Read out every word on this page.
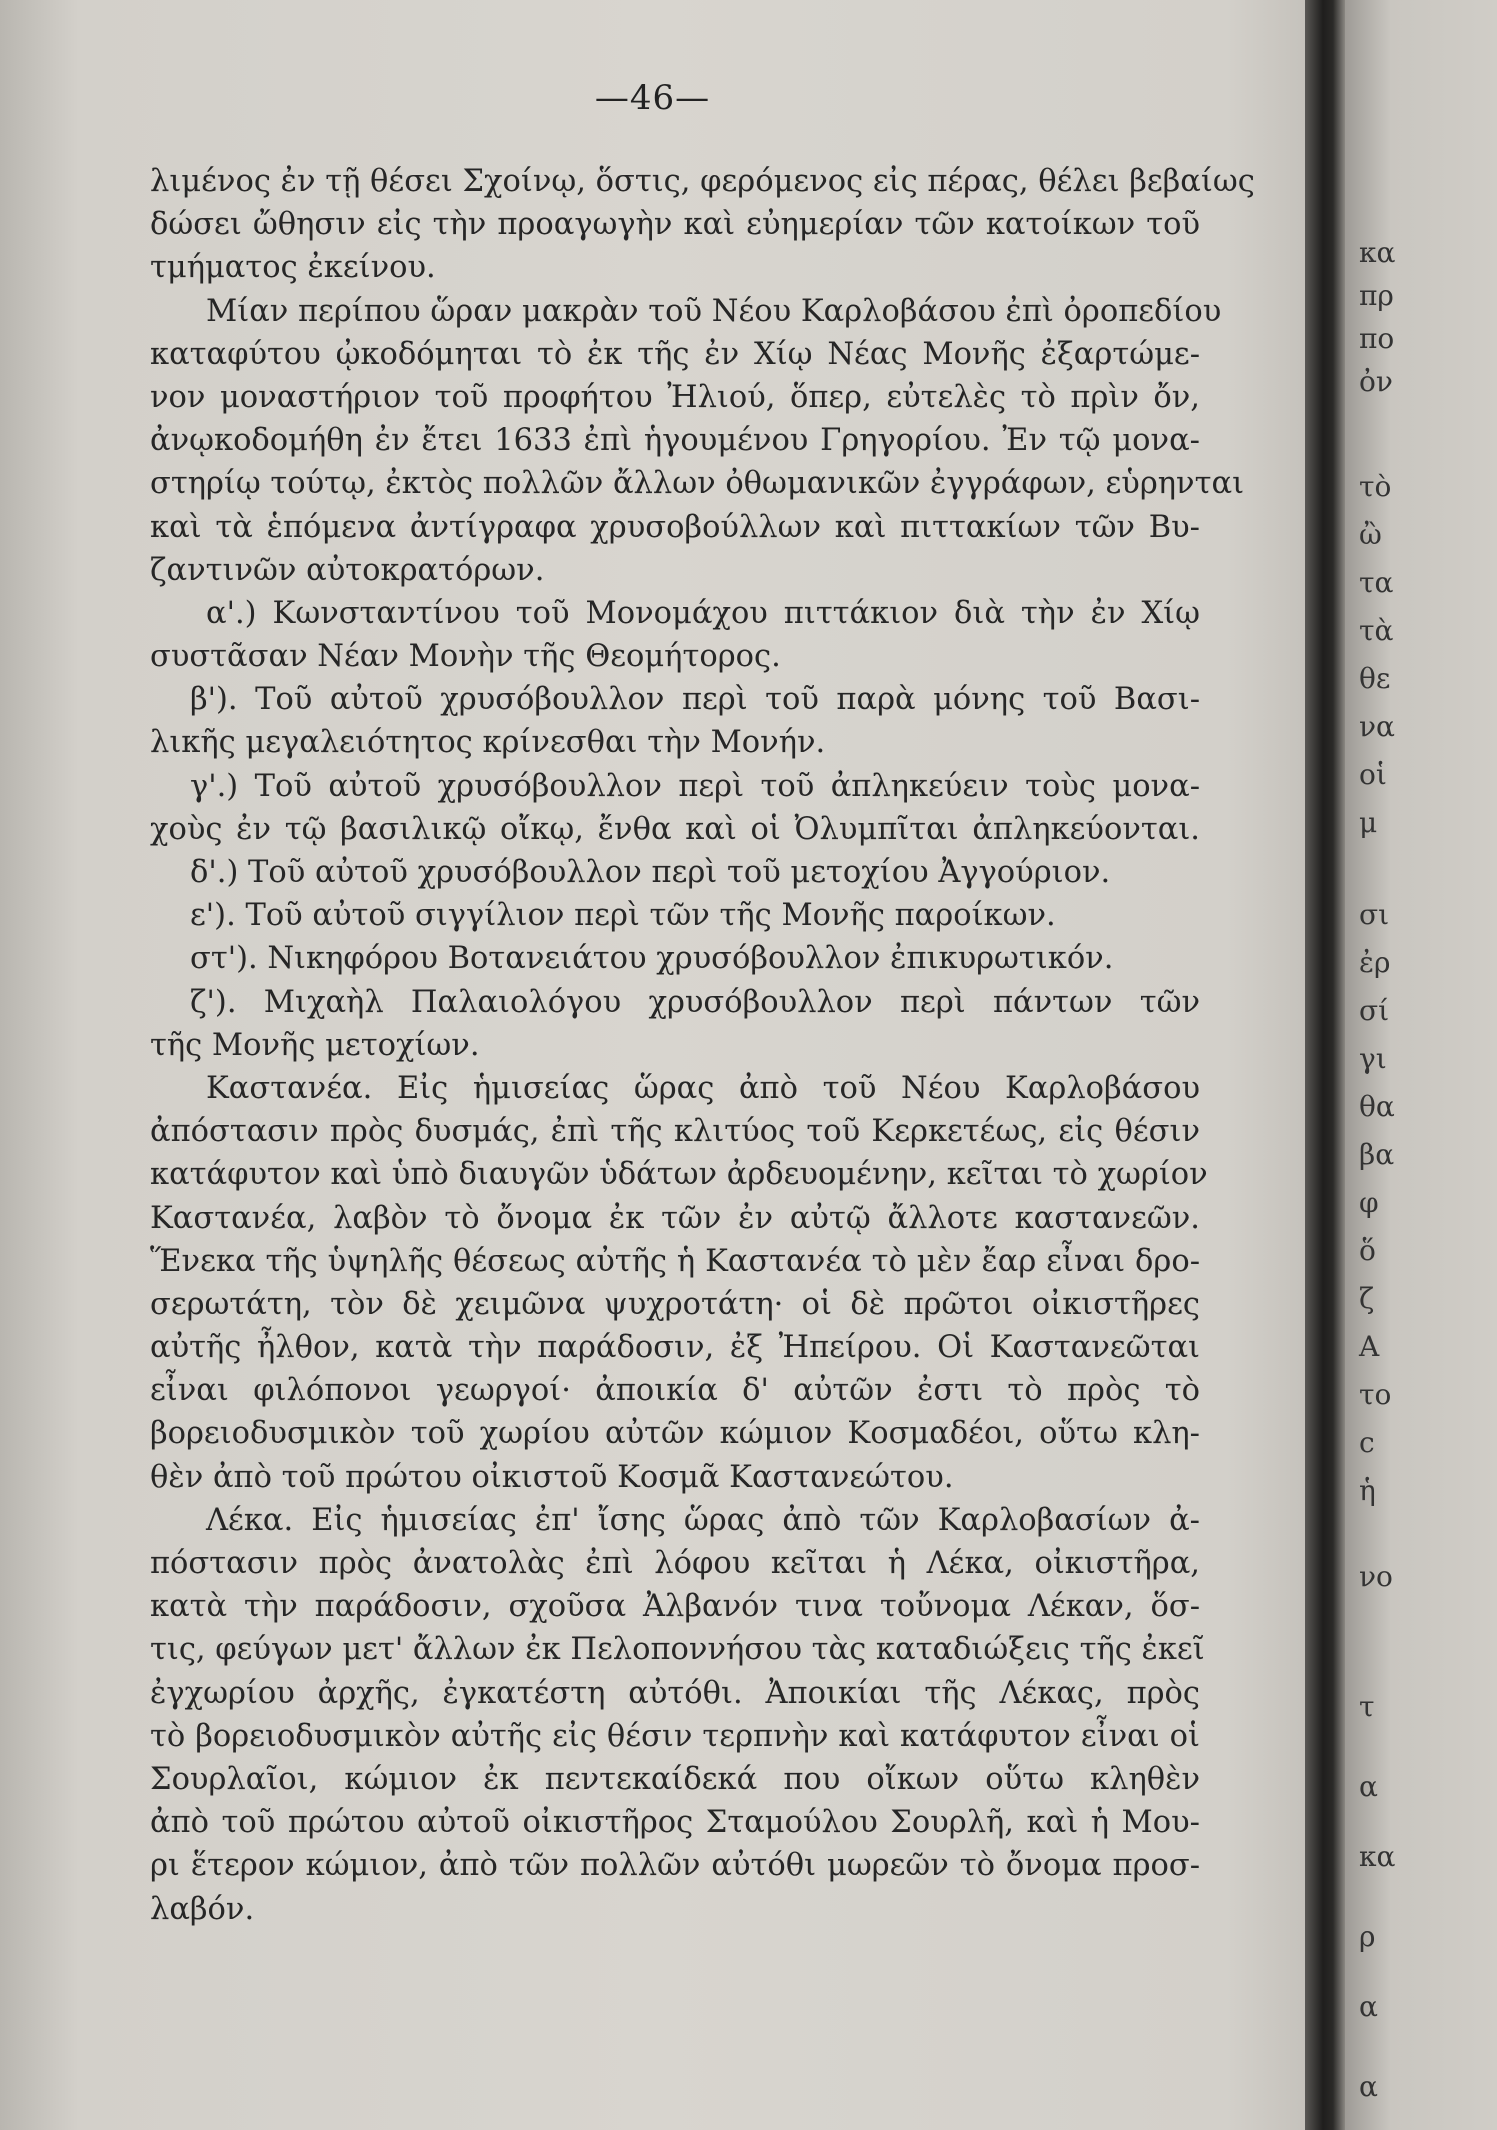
—46—
λιμένος ἐν τῇ θέσει Σχοίνῳ, ὅστις, φερόμενος εἰς πέρας, θέλει βεβαίως
δώσει ὤθησιν εἰς τὴν προαγωγὴν καὶ εὐημερίαν τῶν κατοίκων τοῦ
τμήματος ἐκείνου.
Μίαν περίπου ὥραν μακρὰν τοῦ Νέου Καρλοβάσου ἐπὶ ὀροπεδίου
καταφύτου ᾠκοδόμηται τὸ ἐκ τῆς ἐν Χίῳ Νέας Μονῆς ἐξαρτώμε-
νον μοναστήριον τοῦ προφήτου Ἠλιού, ὅπερ, εὐτελὲς τὸ πρὶν ὄν,
ἀνῳκοδομήθη ἐν ἔτει 1633 ἐπὶ ἡγουμένου Γρηγορίου. Ἐν τῷ μονα-
στηρίῳ τούτῳ, ἐκτὸς πολλῶν ἄλλων ὀθωμανικῶν ἐγγράφων, εὑρηνται
καὶ τὰ ἑπόμενα ἀντίγραφα χρυσοβούλλων καὶ πιττακίων τῶν Βυ-
ζαντινῶν αὐτοκρατόρων.
α'.) Κωνσταντίνου τοῦ Μονομάχου πιττάκιον διὰ τὴν ἐν Χίῳ
συστᾶσαν Νέαν Μονὴν τῆς Θεομήτορος.
β'). Τοῦ αὐτοῦ χρυσόβουλλον περὶ τοῦ παρὰ μόνης τοῦ Βασι-
λικῆς μεγαλειότητος κρίνεσθαι τὴν Μονήν.
γ'.) Τοῦ αὐτοῦ χρυσόβουλλον περὶ τοῦ ἀπληκεύειν τοὺς μονα-
χοὺς ἐν τῷ βασιλικῷ οἴκῳ, ἔνθα καὶ οἱ Ὀλυμπῖται ἀπληκεύονται.
δ'.) Τοῦ αὐτοῦ χρυσόβουλλον περὶ τοῦ μετοχίου Ἀγγούριον.
ε'). Τοῦ αὐτοῦ σιγγίλιον περὶ τῶν τῆς Μονῆς παροίκων.
στ'). Νικηφόρου Βοτανειάτου χρυσόβουλλον ἐπικυρωτικόν.
ζ'). Μιχαὴλ Παλαιολόγου χρυσόβουλλον περὶ πάντων τῶν
τῆς Μονῆς μετοχίων.
Καστανέα. Εἰς ἡμισείας ὥρας ἀπὸ τοῦ Νέου Καρλοβάσου
ἀπόστασιν πρὸς δυσμάς, ἐπὶ τῆς κλιτύος τοῦ Κερκετέως, εἰς θέσιν
κατάφυτον καὶ ὑπὸ διαυγῶν ὑδάτων ἀρδευομένην, κεῖται τὸ χωρίον
Καστανέα, λαβὸν τὸ ὄνομα ἐκ τῶν ἐν αὐτῷ ἄλλοτε καστανεῶν.
Ἕνεκα τῆς ὑψηλῆς θέσεως αὐτῆς ἡ Καστανέα τὸ μὲν ἔαρ εἶναι δρο-
σερωτάτη, τὸν δὲ χειμῶνα ψυχροτάτη· οἱ δὲ πρῶτοι οἰκιστῆρες
αὐτῆς ἦλθον, κατὰ τὴν παράδοσιν, ἐξ Ἠπείρου. Οἱ Καστανεῶται
εἶναι φιλόπονοι γεωργοί· ἀποικία δ' αὐτῶν ἐστι τὸ πρὸς τὸ
βορειοδυσμικὸν τοῦ χωρίου αὐτῶν κώμιον Κοσμαδέοι, οὕτω κλη-
θὲν ἀπὸ τοῦ πρώτου οἰκιστοῦ Κοσμᾶ Καστανεώτου.
Λέκα. Εἰς ἡμισείας ἐπ' ἴσης ὥρας ἀπὸ τῶν Καρλοβασίων ἀ-
πόστασιν πρὸς ἀνατολὰς ἐπὶ λόφου κεῖται ἡ Λέκα, οἰκιστῆρα,
κατὰ τὴν παράδοσιν, σχοῦσα Ἀλβανόν τινα τοὔνομα Λέκαν, ὅσ-
τις, φεύγων μετ' ἄλλων ἐκ Πελοποννήσου τὰς καταδιώξεις τῆς ἐκεῖ
ἐγχωρίου ἀρχῆς, ἐγκατέστη αὐτόθι. Ἀποικίαι τῆς Λέκας, πρὸς
τὸ βορειοδυσμικὸν αὐτῆς εἰς θέσιν τερπνὴν καὶ κατάφυτον εἶναι οἱ
Σουρλαῖοι, κώμιον ἐκ πεντεκαίδεκά που οἴκων οὕτω κληθὲν
ἀπὸ τοῦ πρώτου αὐτοῦ οἰκιστῆρος Σταμούλου Σουρλῆ, καὶ ἡ Μου-
ρι ἕτερον κώμιον, ἀπὸ τῶν πολλῶν αὐτόθι μωρεῶν τὸ ὄνομα προσ-
λαβόν.
κα
πρ
πο
ὀν
τὸ
ὢ
τα
τὰ
θε
να
οἱ
μ
σι
ἐρ
σί
γι
θα
βα
φ
ὅ
ζ
Α
το
c
ἡ
νο
τ
α
κα
ρ
α
α
